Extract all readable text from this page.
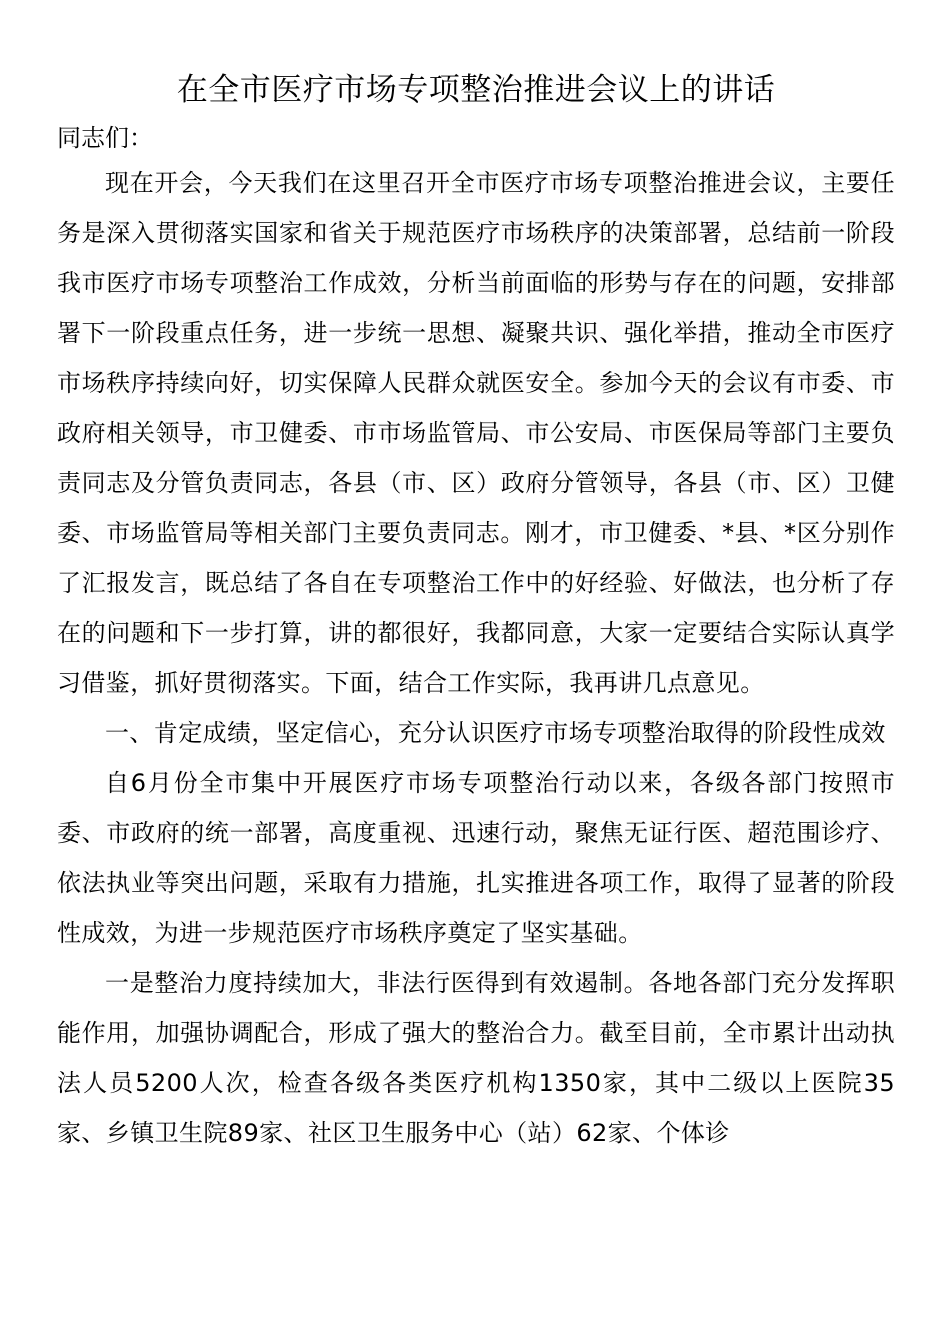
在全市医疗市场专项整治推进会议上的讲话

同志们：

现在开会，今天我们在这里召开全市医疗市场专项整治推进会议，主要任务是深入贯彻落实国家和省关于规范医疗市场秩序的决策部署，总结前一阶段我市医疗市场专项整治工作成效，分析当前面临的形势与存在的问题，安排部署下一阶段重点任务，进一步统一思想、凝聚共识、强化举措，推动全市医疗市场秩序持续向好，切实保障人民群众就医安全。参加今天的会议有市委、市政府相关领导，市卫健委、市市场监管局、市公安局、市医保局等部门主要负责同志及分管负责同志，各县（市、区）政府分管领导，各县（市、区）卫健委、市场监管局等相关部门主要负责同志。刚才，市卫健委、*县、*区分别作了汇报发言，既总结了各自在专项整治工作中的好经验、好做法，也分析了存在的问题和下一步打算，讲的都很好，我都同意，大家一定要结合实际认真学习借鉴，抓好贯彻落实。下面，结合工作实际，我再讲几点意见。

一、肯定成绩，坚定信心，充分认识医疗市场专项整治取得的阶段性成效

自6月份全市集中开展医疗市场专项整治行动以来，各级各部门按照市委、市政府的统一部署，高度重视、迅速行动，聚焦无证行医、超范围诊疗、依法执业等突出问题，采取有力措施，扎实推进各项工作，取得了显著的阶段性成效，为进一步规范医疗市场秩序奠定了坚实基础。

一是整治力度持续加大，非法行医得到有效遏制。各地各部门充分发挥职能作用，加强协调配合，形成了强大的整治合力。截至目前，全市累计出动执法人员5200人次，检查各级各类医疗机构1350家，其中二级以上医院35家、乡镇卫生院89家、社区卫生服务中心（站）62家、个体诊
